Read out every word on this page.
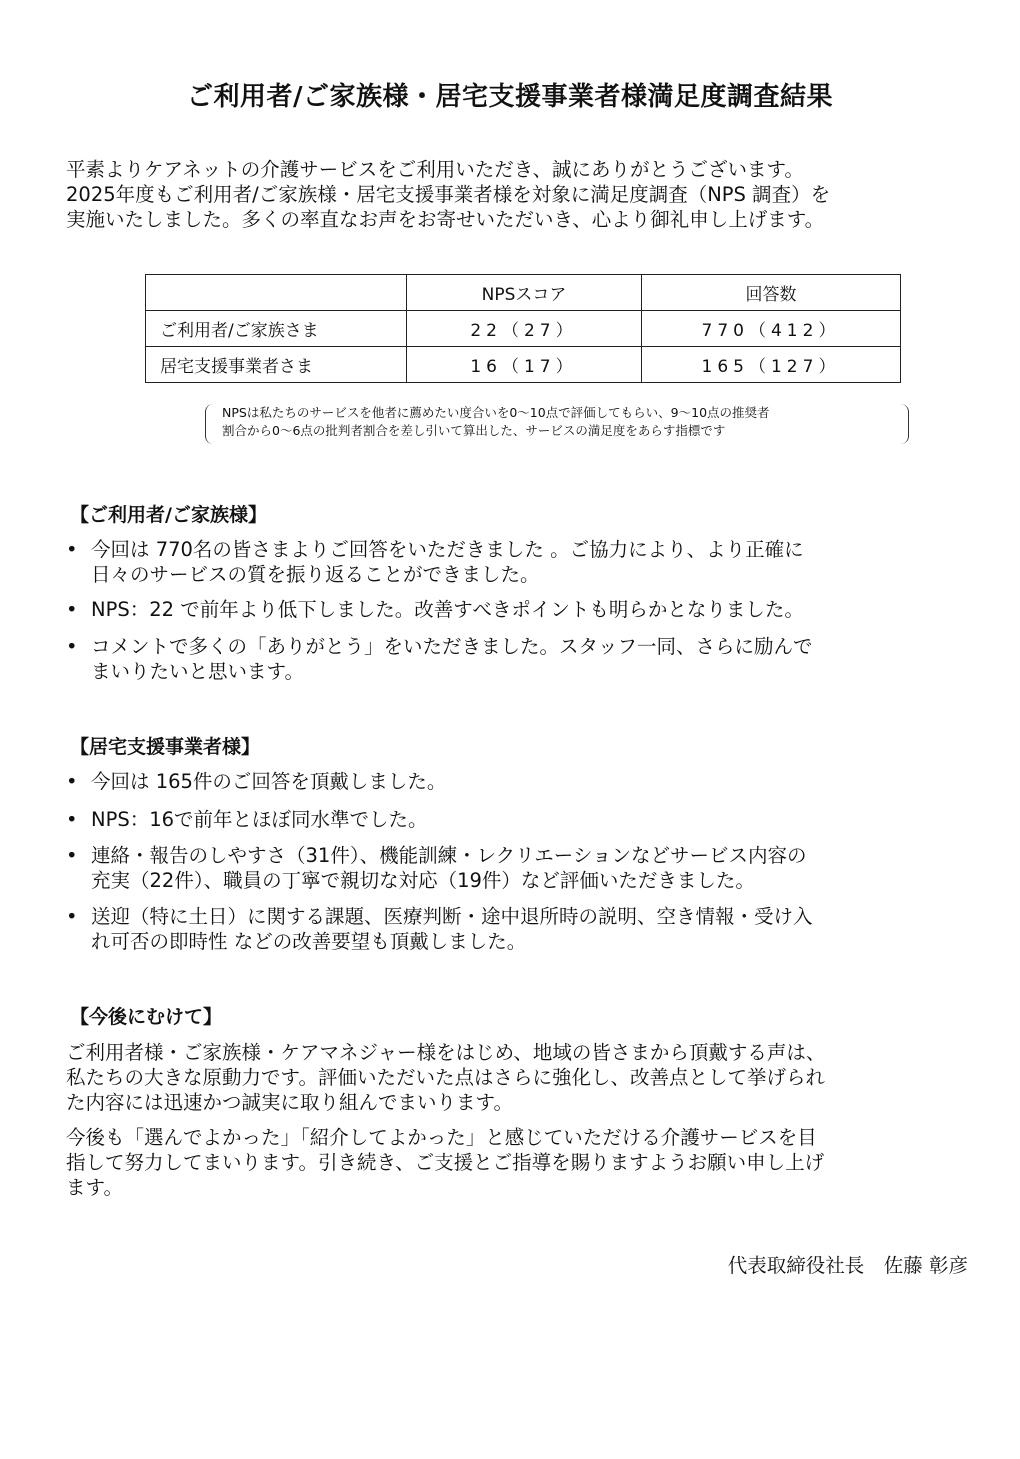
ご利用者/ご家族様・居宅支援事業者様満足度調査結果
平素よりケアネットの介護サービスをご利用いただき、誠にありがとうございます。
2025年度もご利用者/ご家族様・居宅支援事業者様を対象に満足度調査（NPS 調査）を
実施いたしました。多くの率直なお声をお寄せいただいき、心より御礼申し上げます。
	NPSスコア	回答数
ご利用者/ご家族さま	22（27）	770（412）
居宅支援事業者さま	16（17）	165（127）
NPSは私たちのサービスを他者に薦めたい度合いを0〜10点で評価してもらい、9〜10点の推奨者
割合から0〜6点の批判者割合を差し引いて算出した、サービスの満足度をあらす指標です
【ご利用者/ご家族様】
• 今回は 770名の皆さまよりご回答をいただきました 。ご協力により、より正確に
日々のサービスの質を振り返ることができました。
• NPS：22 で前年より低下しました。改善すべきポイントも明らかとなりました。
• コメントで多くの「ありがとう」をいただきました。スタッフ一同、さらに励んで
まいりたいと思います。
【居宅支援事業者様】
• 今回は 165件のご回答を頂戴しました。
• NPS：16で前年とほぼ同水準でした。
• 連絡・報告のしやすさ（31件）、機能訓練・レクリエーションなどサービス内容の
充実（22件）、職員の丁寧で親切な対応（19件）など評価いただきました。
• 送迎（特に土日）に関する課題、医療判断・途中退所時の説明、空き情報・受け入
れ可否の即時性 などの改善要望も頂戴しました。
【今後にむけて】
ご利用者様・ご家族様・ケアマネジャー様をはじめ、地域の皆さまから頂戴する声は、
私たちの大きな原動力です。評価いただいた点はさらに強化し、改善点として挙げられ
た内容には迅速かつ誠実に取り組んでまいります。
今後も「選んでよかった」「紹介してよかった」と感じていただける介護サービスを目
指して努力してまいります。引き続き、ご支援とご指導を賜りますようお願い申し上げ
ます。
代表取締役社長　佐藤 彰彦
